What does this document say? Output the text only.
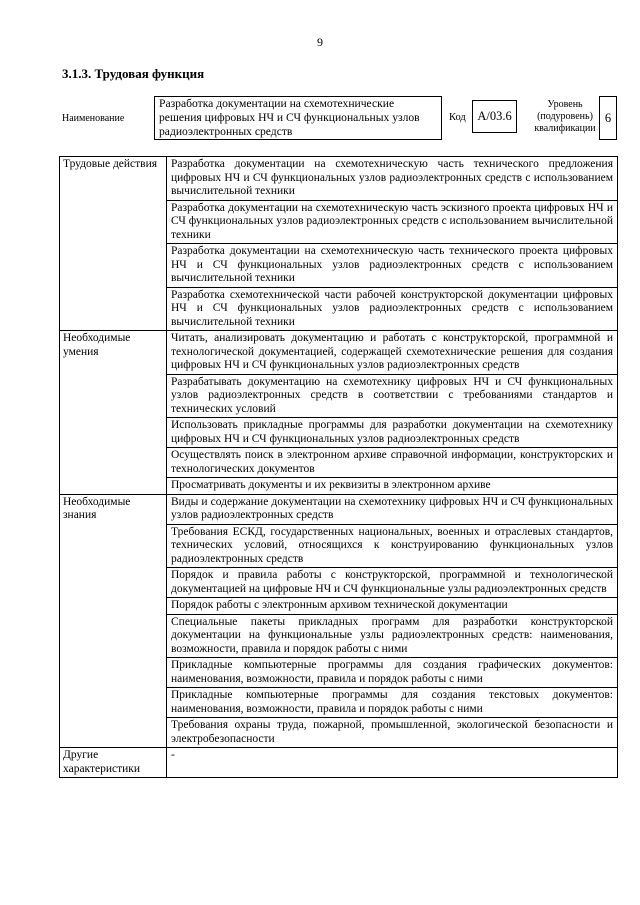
9
3.1.3. Трудовая функция
Наименование
Разработка документации на схемотехнические решения цифровых НЧ и СЧ функциональных узлов радиоэлектронных средств
Код A/03.6
Уровень (подуровень) квалификации
6
Трудовые действия	Разработка документации на схемотехническую часть технического предложения цифровых НЧ и СЧ функциональных узлов радиоэлектронных средств с использованием вычислительной техники
	Разработка документации на схемотехническую часть эскизного проекта цифровых НЧ и СЧ функциональных узлов радиоэлектронных средств с использованием вычислительной техники
	Разработка документации на схемотехническую часть технического проекта цифровых НЧ и СЧ функциональных узлов радиоэлектронных средств с использованием вычислительной техники
	Разработка схемотехнической части рабочей конструкторской документации цифровых НЧ и СЧ функциональных узлов радиоэлектронных средств с использованием вычислительной техники
Необходимые умения	Читать, анализировать документацию и работать с конструкторской, программной и технологической документацией, содержащей схемотехнические решения для создания цифровых НЧ и СЧ функциональных узлов радиоэлектронных средств
	Разрабатывать документацию на схемотехнику цифровых НЧ и СЧ функциональных узлов радиоэлектронных средств в соответствии с требованиями стандартов и технических условий
	Использовать прикладные программы для разработки документации на схемотехнику цифровых НЧ и СЧ функциональных узлов радиоэлектронных средств
	Осуществлять поиск в электронном архиве справочной информации, конструкторских и технологических документов
	Просматривать документы и их реквизиты в электронном архиве
Необходимые знания	Виды и содержание документации на схемотехнику цифровых НЧ и СЧ функциональных узлов радиоэлектронных средств
	Требования ЕСКД, государственных национальных, военных и отраслевых стандартов, технических условий, относящихся к конструированию функциональных узлов радиоэлектронных средств
	Порядок и правила работы с конструкторской, программной и технологической документацией на цифровые НЧ и СЧ функциональные узлы радиоэлектронных средств
	Порядок работы с электронным архивом технической документации
	Специальные пакеты прикладных программ для разработки конструкторской документации на функциональные узлы радиоэлектронных средств: наименования, возможности, правила и порядок работы с ними
	Прикладные компьютерные программы для создания графических документов: наименования, возможности, правила и порядок работы с ними
	Прикладные компьютерные программы для создания текстовых документов: наименования, возможности, правила и порядок работы с ними
	Требования охраны труда, пожарной, промышленной, экологической безопасности и электробезопасности
Другие характеристики	-
